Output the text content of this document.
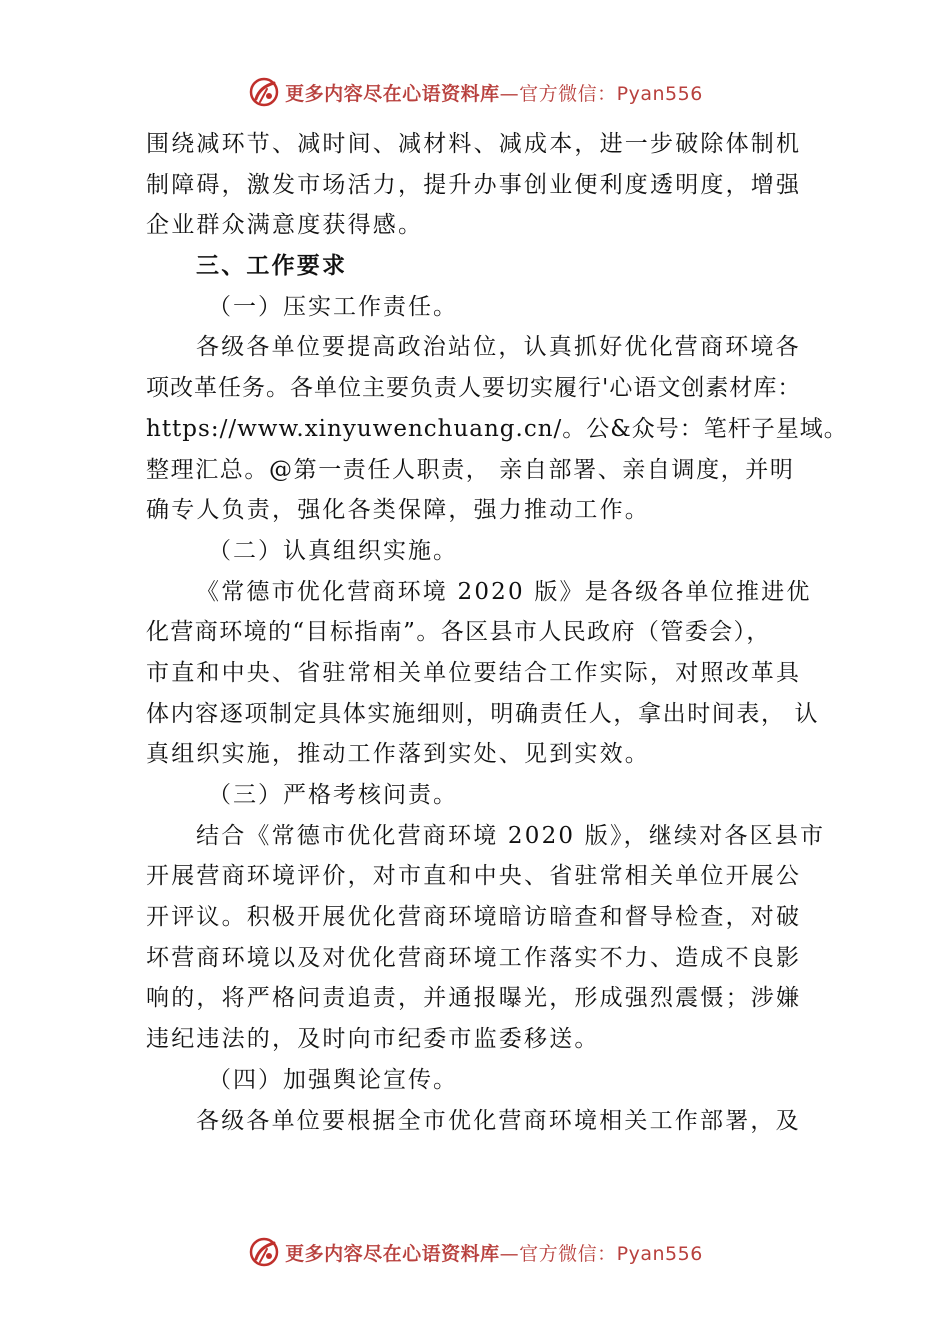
更多内容尽在心语资料库—官方微信：Pyan556
围绕减环节、减时间、减材料、减成本，进一步破除体制机
制障碍，激发市场活力，提升办事创业便利度透明度，增强
企业群众满意度获得感。
三、工作要求
（一）压实工作责任。
各级各单位要提高政治站位，认真抓好优化营商环境各
项改革任务。各单位主要负责人要切实履行'心语文创素材库：
https://www.xinyuwenchuang.cn/。公&众号：笔杆子星域。
整理汇总。@第一责任人职责， 亲自部署、亲自调度，并明
确专人负责，强化各类保障，强力推动工作。
（二）认真组织实施。
《常德市优化营商环境 2020 版》是各级各单位推进优
化营商环境的“目标指南”。各区县市人民政府（管委会），
市直和中央、省驻常相关单位要结合工作实际，对照改革具
体内容逐项制定具体实施细则，明确责任人，拿出时间表， 认
真组织实施，推动工作落到实处、见到实效。
（三）严格考核问责。
结合《常德市优化营商环境 2020 版》，继续对各区县市
开展营商环境评价，对市直和中央、省驻常相关单位开展公
开评议。积极开展优化营商环境暗访暗查和督导检查，对破
坏营商环境以及对优化营商环境工作落实不力、造成不良影
响的，将严格问责追责，并通报曝光，形成强烈震慑；涉嫌
违纪违法的，及时向市纪委市监委移送。
（四）加强舆论宣传。
各级各单位要根据全市优化营商环境相关工作部署，及
更多内容尽在心语资料库—官方微信：Pyan556
